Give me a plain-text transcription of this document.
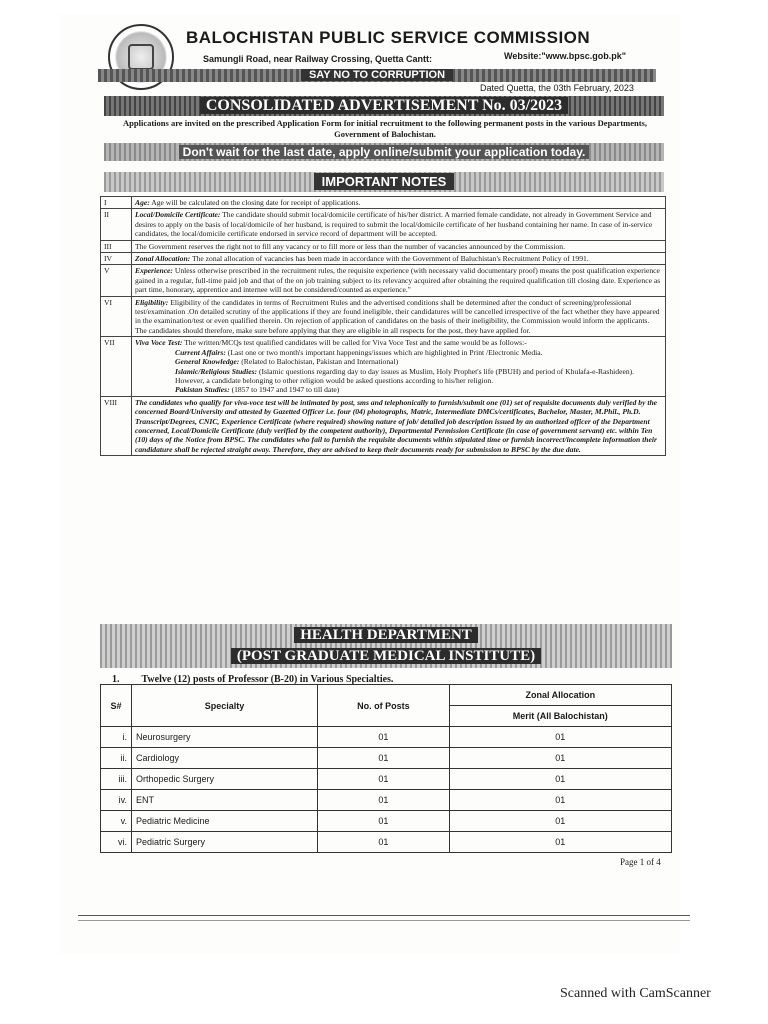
BALOCHISTAN PUBLIC SERVICE COMMISSION
Samungli Road, near Railway Crossing, Quetta Cantt:	Website:"www.bpsc.gob.pk"
SAY NO TO CORRUPTION
Dated Quetta, the 03th February, 2023
CONSOLIDATED ADVERTISEMENT No. 03/2023
Applications are invited on the prescribed Application Form for initial recruitment to the following permanent posts in the various Departments, Government of Balochistan.
Don't wait for the last date, apply online/submit your application today.
IMPORTANT NOTES
I	Age: Age will be calculated on the closing date for receipt of applications.
II	Local/Domicile Certificate: The candidate should submit local/domicile certificate of his/her district. A married female candidate, not already in Government Service and desires to apply on the basis of local/domicile of her husband, is required to submit the local/domicile certificate of her husband containing her name. In case of in-service candidates, the local/domicile certificate endorsed in service record of department will be accepted.
III	The Government reserves the right not to fill any vacancy or to fill more or less than the number of vacancies announced by the Commission.
IV	Zonal Allocation: The zonal allocation of vacancies has been made in accordance with the Government of Baluchistan's Recruitment Policy of 1991.
V	Experience: Unless otherwise prescribed in the recruitment rules, the requisite experience (with necessary valid documentary proof) means the post qualification experience gained in a regular, full-time paid job and that of the on job training subject to its relevancy acquired after obtaining the required qualification till closing date. Experience as part time, honorary, apprentice and internee will not be considered/counted as experience."
VI	Eligibility: Eligibility of the candidates in terms of Recruitment Rules and the advertised conditions shall be determined after the conduct of screening/professional test/examination .On detailed scrutiny of the applications if they are found ineligible, their candidatures will be cancelled irrespective of the fact whether they have appeared in the examination/test or even qualified therein. On rejection of application of candidates on the basis of their ineligibility, the Commission would inform the applicants. The candidates should therefore, make sure before applying that they are eligible in all respects for the post, they have applied for.
VII	Viva Voce Test: The written/MCQs test qualified candidates will be called for Viva Voce Test and the same would be as follows:-
Current Affairs: (Last one or two month's important happenings/issues which are highlighted in Print /Electronic Media.
General Knowledge: (Related to Balochistan, Pakistan and International)
Islamic/Religious Studies: (Islamic questions regarding day to day issues as Muslim, Holy Prophet's life (PBUH) and period of Khulafa-e-Rashideen). However, a candidate belonging to other religion would be asked questions according to his/her religion.
Pakistan Studies: (1857 to 1947 and 1947 to till date)

VIII	The candidates who qualify for viva-voce test will be intimated by post, sms and telephonically to furnish/submit one (01) set of requisite documents duly verified by the concerned Board/University and attested by Gazetted Officer i.e. four (04) photographs, Matric, Intermediate DMCs/certificates, Bachelor, Master, M.Phil., Ph.D. Transcript/Degrees, CNIC, Experience Certificate (where required) showing nature of job/ detailed job description issued by an authorized officer of the Department concerned, Local/Domicile Certificate (duly verified by the competent authority), Departmental Permission Certificate (in case of government servant) etc. within Ten (10) days of the Notice from BPSC. The candidates who fail to furnish the requisite documents within stipulated time or furnish incorrect/incomplete information their candidature shall be rejected straight away. Therefore, they are advised to keep their documents ready for submission to BPSC by the due date.
HEALTH DEPARTMENT
(POST GRADUATE MEDICAL INSTITUTE)
1. Twelve (12) posts of Professor (B-20) in Various Specialties.
S#	Specialty	No. of Posts	Zonal Allocation
			Merit (All Balochistan)
i.	Neurosurgery	01	01
ii.	Cardiology	01	01
iii.	Orthopedic Surgery	01	01
iv.	ENT	01	01
v.	Pediatric Medicine	01	01
vi.	Pediatric Surgery	01	01
Page 1 of 4
Scanned with CamScanner
